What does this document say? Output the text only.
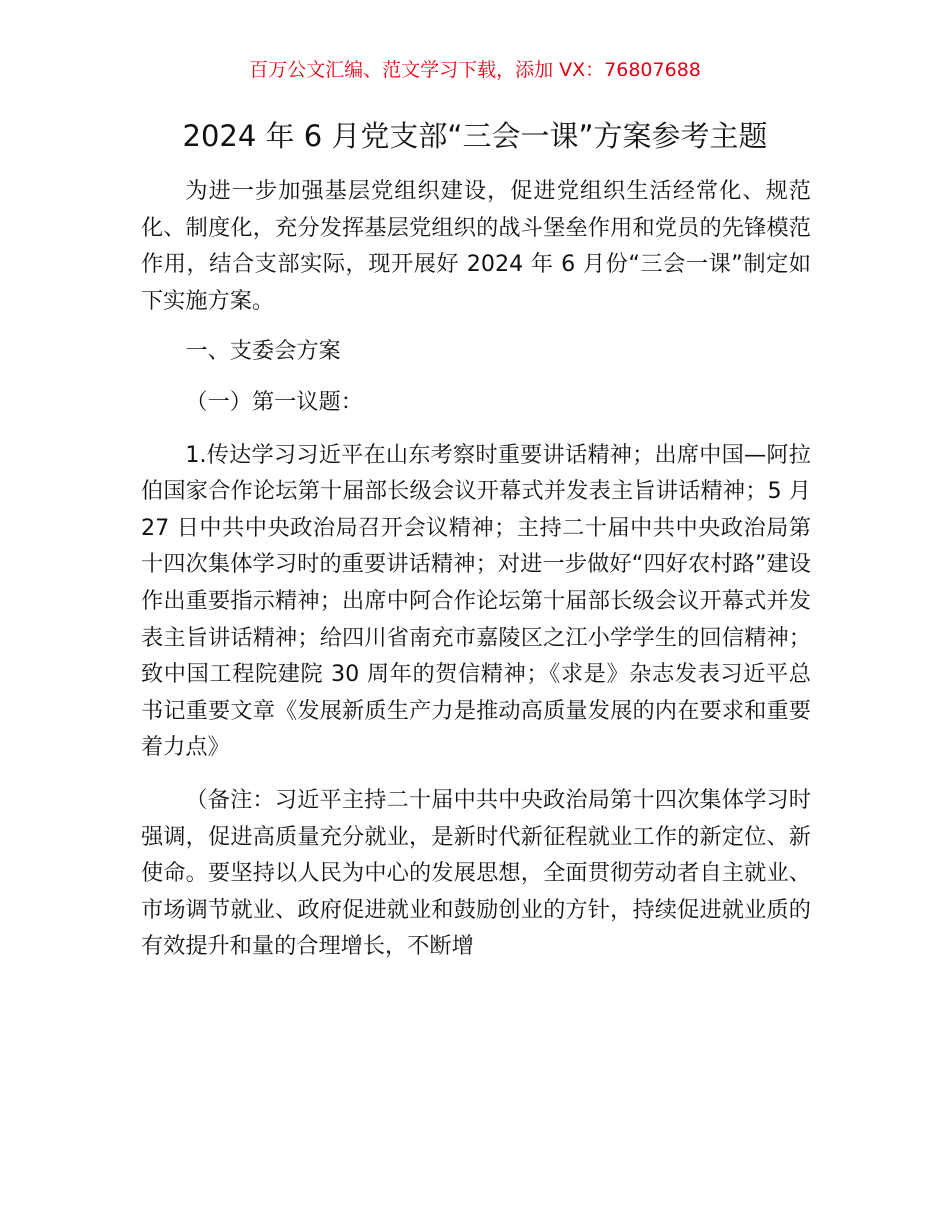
百万公文汇编、范文学习下载，添加 VX：76807688
2024 年 6 月党支部“三会一课”方案参考主题

为进一步加强基层党组织建设，促进党组织生活经常化、规范化、制度化，充分发挥基层党组织的战斗堡垒作用和党员的先锋模范作用，结合支部实际，现开展好 2024 年 6 月份“三会一课”制定如下实施方案。

一、支委会方案

（一）第一议题：

1.传达学习习近平在山东考察时重要讲话精神；出席中国—阿拉伯国家合作论坛第十届部长级会议开幕式并发表主旨讲话精神；5 月 27 日中共中央政治局召开会议精神；主持二十届中共中央政治局第十四次集体学习时的重要讲话精神；对进一步做好“四好农村路”建设作出重要指示精神；出席中阿合作论坛第十届部长级会议开幕式并发表主旨讲话精神；给四川省南充市嘉陵区之江小学学生的回信精神；致中国工程院建院 30 周年的贺信精神；《求是》杂志发表习近平总书记重要文章《发展新质生产力是推动高质量发展的内在要求和重要着力点》

（备注：习近平主持二十届中共中央政治局第十四次集体学习时强调，促进高质量充分就业，是新时代新征程就业工作的新定位、新使命。要坚持以人民为中心的发展思想，全面贯彻劳动者自主就业、市场调节就业、政府促进就业和鼓励创业的方针，持续促进就业质的有效提升和量的合理增长，不断增
